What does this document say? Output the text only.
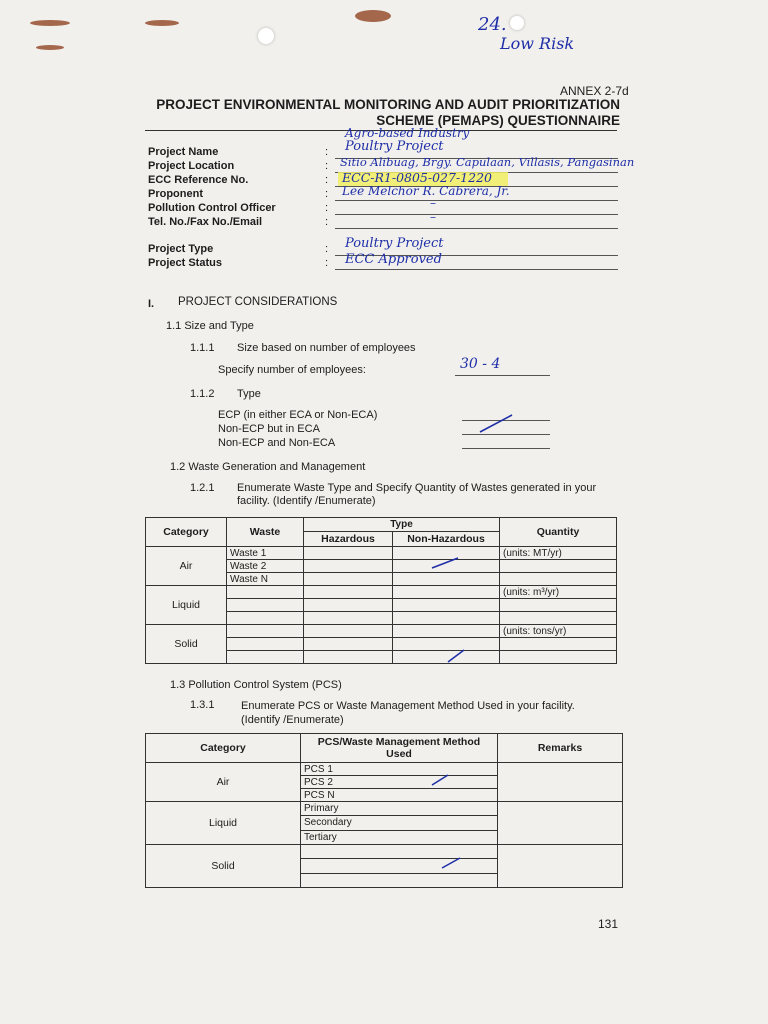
24.
Low Risk
ANNEX 2-7d
PROJECT ENVIRONMENTAL MONITORING AND AUDIT PRIORITIZATION
SCHEME (PEMAPS) QUESTIONNAIRE
Agro-based Industry
Project Name	: Poultry Project
Project Location	: Sitio Alibuag, Brgy. Capulaan, Villasis, Pangasinan
ECC Reference No.	: ECC-R1-0805-027-1220
Proponent	: Lee Melchor R. Cabrera, Jr.
Pollution Control Officer	:	–
Tel. No./Fax No./Email	:	–
Project Type	: Poultry Project
Project Status	: ECC Approved
I. PROJECT CONSIDERATIONS
1.1 Size and Type
1.1.1 Size based on number of employees
Specify number of employees:	30 - 4
1.1.2 Type
ECP (in either ECA or Non-ECA)
Non-ECP but in ECA
Non-ECP and Non-ECA
1.2 Waste Generation and Management
1.2.1 Enumerate Waste Type and Specify Quantity of Wastes generated in your facility. (Identify /Enumerate)
Category	Waste	Type		Quantity
		Hazardous	Non-Hazardous	
Air	Waste 1			(units: MT/yr)
	Waste 2			
	Waste N			
Liquid				(units: m³/yr)

Solid				(units: tons/yr)

1.3 Pollution Control System (PCS)
1.3.1 Enumerate PCS or Waste Management Method Used in your facility. (Identify /Enumerate)
Category	PCS/Waste Management Method Used	Remarks
Air	PCS 1	
	PCS 2	
	PCS N	
Liquid	Primary	
	Secondary	
	Tertiary	
Solid		

131
